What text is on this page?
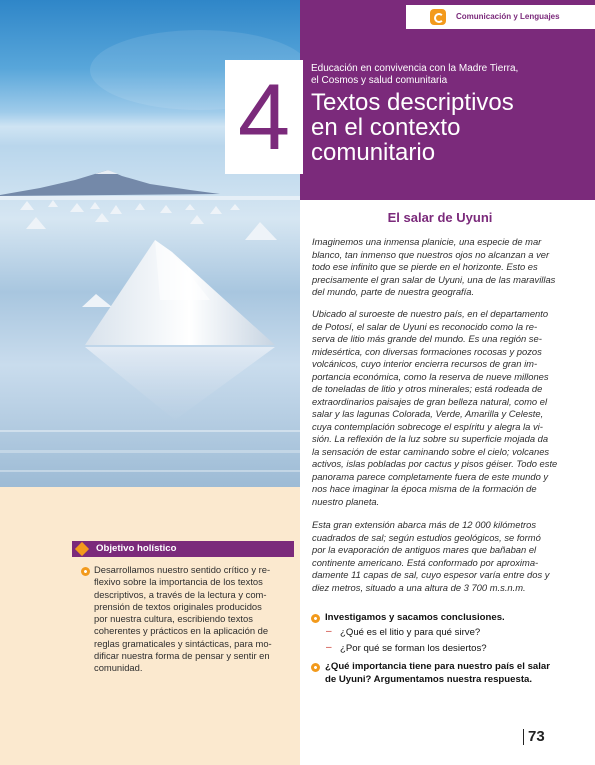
Comunicación y Lenguajes
4	Educación en convivencia con la Madre Tierra,
el Cosmos y salud comunitaria
Textos descriptivos
en el contexto
comunitario
El salar de Uyuni
Imaginemos una inmensa planicie, una especie de mar
blanco, tan inmenso que nuestros ojos no alcanzan a ver
todo ese infinito que se pierde en el horizonte. Esto es
precisamente el gran salar de Uyuni, una de las maravillas
del mundo, parte de nuestra geografía.
Ubicado al suroeste de nuestro país, en el departamento
de Potosí, el salar de Uyuni es reconocido como la re-
serva de litio más grande del mundo. Es una región se-
midesértica, con diversas formaciones rocosas y pozos
volcánicos, cuyo interior encierra recursos de gran im-
portancia económica, como la reserva de nueve millones
de toneladas de litio y otros minerales; está rodeada de
extraordinarios paisajes de gran belleza natural, como el
salar y las lagunas Colorada, Verde, Amarilla y Celeste,
cuya contemplación sobrecoge el espíritu y alegra la vi-
sión. La reflexión de la luz sobre su superficie mojada da
la sensación de estar caminando sobre el cielo; volcanes
activos, islas pobladas por cactus y pisos géiser. Todo este
panorama parece completamente fuera de este mundo y
nos hace imaginar la época misma de la formación de
nuestro planeta.
Esta gran extensión abarca más de 12 000 kilómetros
cuadrados de sal; según estudios geológicos, se formó
por la evaporación de antiguos mares que bañaban el
continente americano. Está conformado por aproxima-
damente 11 capas de sal, cuyo espesor varía entre dos y
diez metros, situado a una altura de 3 700 m.s.n.m.
Investigamos y sacamos conclusiones.
– ¿Qué es el litio y para qué sirve?
– ¿Por qué se forman los desiertos?
¿Qué importancia tiene para nuestro país el salar
de Uyuni? Argumentamos nuestra respuesta.
Objetivo holístico
Desarrollamos nuestro sentido crítico y re-
flexivo sobre la importancia de los textos
descriptivos, a través de la lectura y com-
prensión de textos originales producidos
por nuestra cultura, escribiendo textos
coherentes y prácticos en la aplicación de
reglas gramaticales y sintácticas, para mo-
dificar nuestra forma de pensar y sentir en
comunidad.
73
